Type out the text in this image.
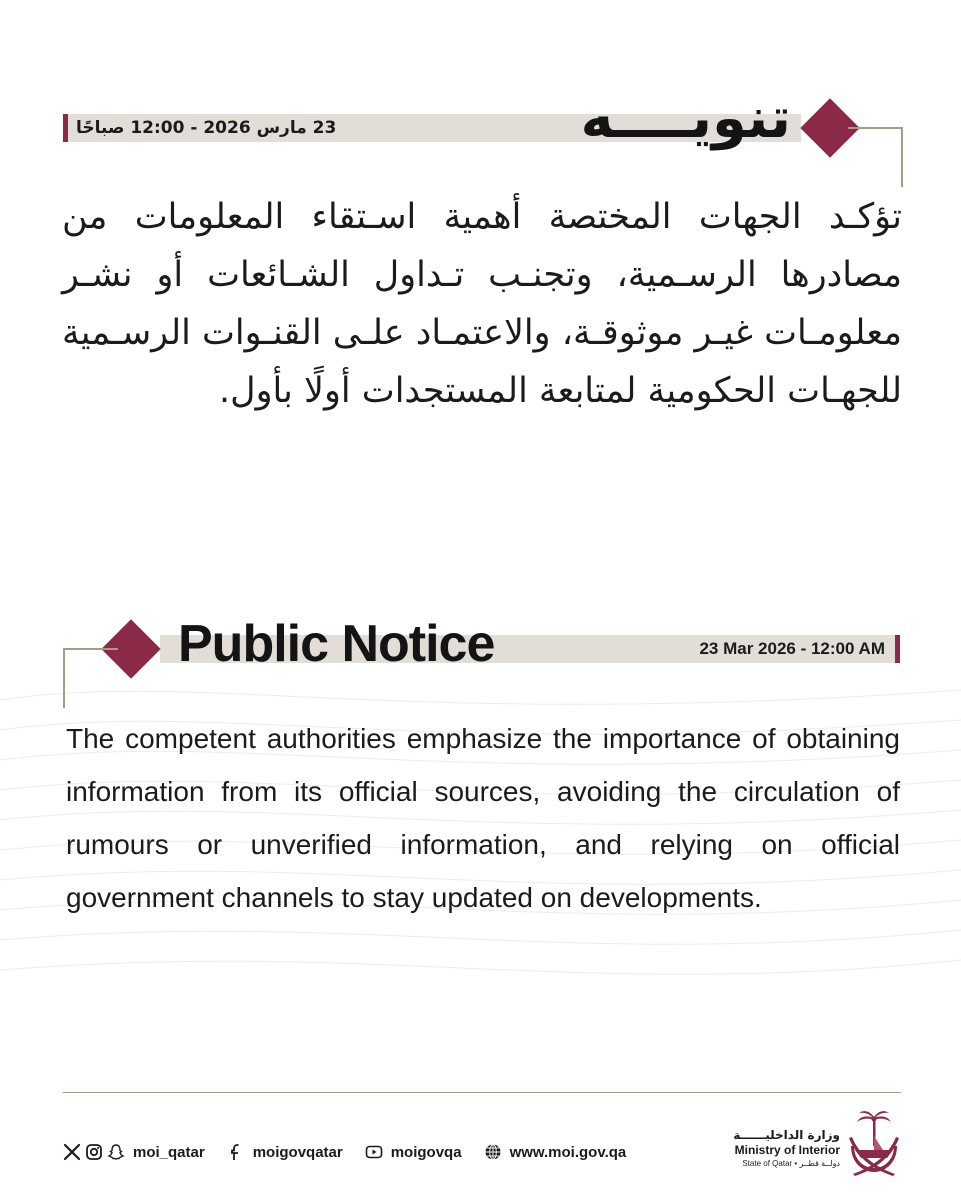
23 مارس 2026 - 12:00 صباحًا	تنويــــه
تؤكـد الجهات المختصة أهمية اسـتقاء المعلومات من مصادرها الرسـمية، وتجنـب تـداول الشـائعات أو نشـر معلومـات غيـر موثوقـة، والاعتمـاد علـى القنـوات الرسـمية للجهـات الحكومية لمتابعة المستجدات أولًا بأول.
23 Mar 2026 - 12:00 AM
Public Notice
The competent authorities emphasize the importance of obtaining information from its official sources, avoiding the circulation of rumours or unverified information, and relying on official government channels to stay updated on developments.
moi_qatar	moigovqatar	moigovqa	www.moi.gov.qa
وزارة الداخليــــــة
Ministry of Interior
State of Qatar • دولــة قطــر
